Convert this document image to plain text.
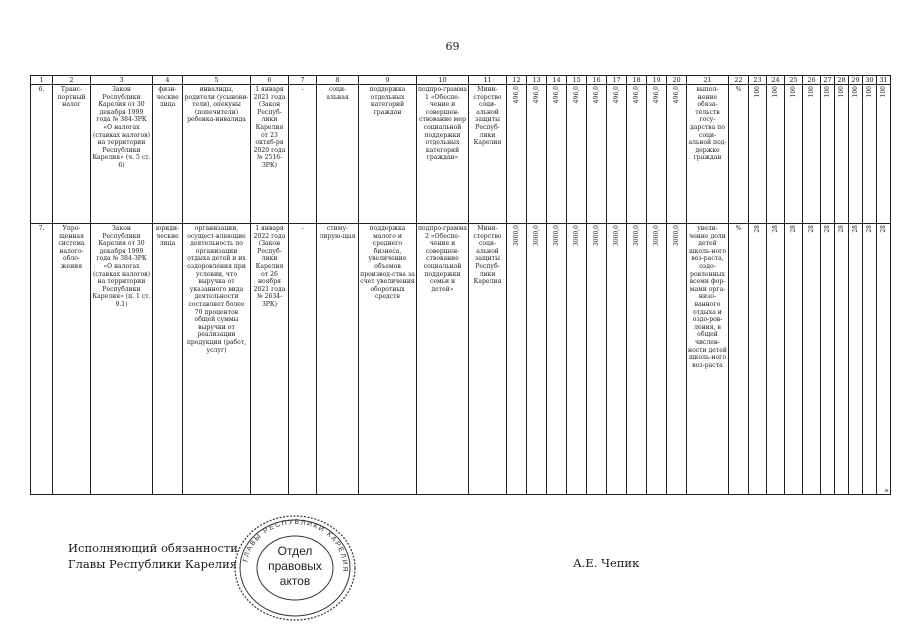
69
1	2	3	4	5	6	7	8	9	10	11	12	13	14	15	16	17	18	19	20	21	22	23	24	25	26	27	28	29	30	31
6.	Транс-портный налог	Закон Республики Карелия от 30 декабря 1999 года № 384-ЗРК «О налогах (ставках налогов) на территории Республики Карелия» (ч. 5 ст. 6)	физи-ческие лица	инвалиды, родители (усынови-тели), опекуны (попечители) ребенка-инвалида	1 января 2021 года (Закон Респуб-лики Карелия от 23 октяб-ря 2020 года № 2516-ЗРК)	-	соци-альная	поддержка отдельных категорий граждан	подпро-грамма 1 «Обеспе-чение и совершен-ствование мер социальной поддержки отдельных категорий граждан»	Мини-стерство соци-альной защиты Респуб-лики Карелия	496,0	496,0	496,0	496,0	496,0	496,0	496,0	496,0	496,0	выпол-нение обяза-тельств госу-дарства по соци-альной под-держке граждан	%	100	100	100	100	100	100	100	100	100
7.	Упро-щенная система налого-обло-жения	Закон Республики Карелия от 30 декабря 1999 года № 384-ЗРК «О налогах (ставках налогов) на территории Республики Карелия» (п. 1 ст. 9.1)	юриди-ческие лица	организации, осущест-вляющие деятельность по организации отдыха детей и их оздоровления при условии, что выручка от указанного вида деятельности составляет более 70 процентов общей суммы выручки от реализации продукции (работ, услуг)	1 января 2022 года (Закон Респуб-лики Карелия от 26 ноября 2021 года № 2634-ЗРК)	-	стиму-лирую-щая	поддержка малого и среднего бизнеса, увеличение объемов производ-ства за счет увеличения оборотных средств	подпро-грамма 2 «Обеспе-чение и совершен-ствование социальной поддержки семьи и детей»	Мини-стерство соци-альной защиты Респуб-лики Карелия	3000,0	3000,0	3000,0	3000,0	3000,0	3000,0	3000,0	3000,0	3000,0	увели-чение доли детей школь-ного воз-раста, оздо-ровленных всеми фор-мами орга-низо-ванного отдыха и оздо-ров-ления, в общей числен-ности детей школь-ного воз-раста	%	28	28	28	28	28	28	28	28	28
»
Исполняющий обязанности
Главы Республики Карелия	А.Е. Чепик
ГЛАВЫ РЕСПУБЛИКИ КАРЕЛИЯ
Отдел
правовых
актов
